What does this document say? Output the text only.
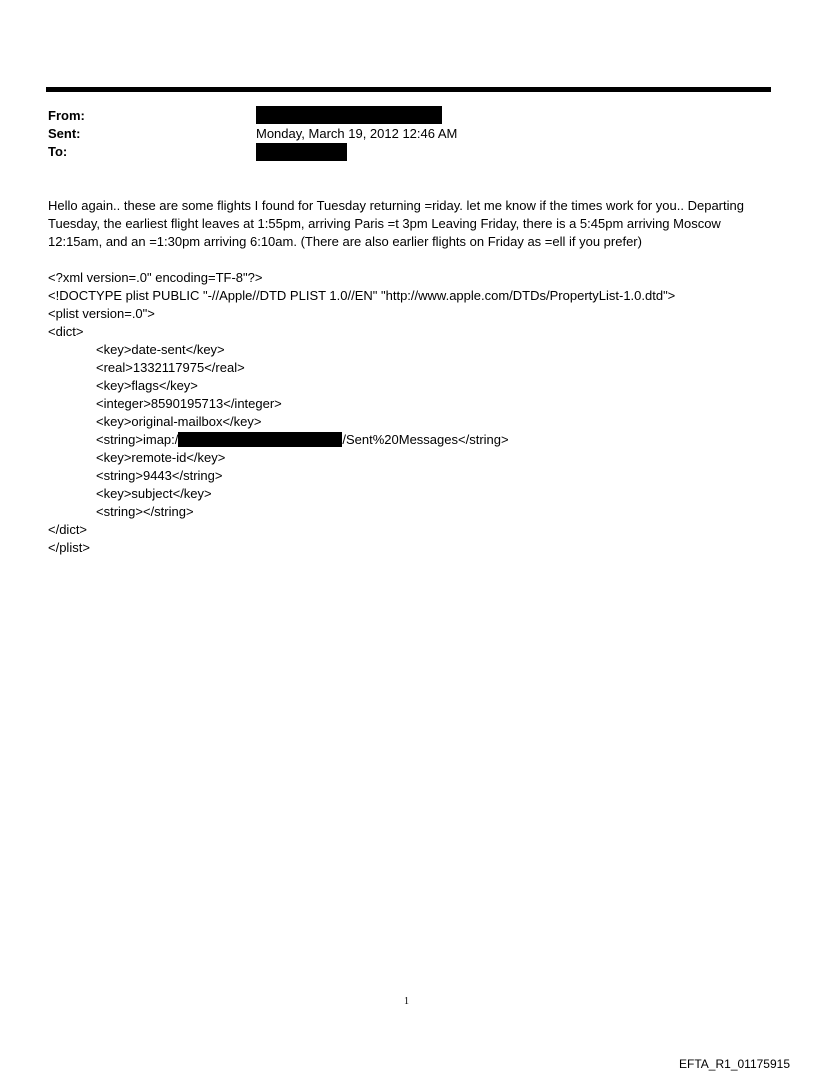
From:
Sent:	Monday, March 19, 2012 12:46 AM
To:
Hello again.. these are some flights I found for Tuesday returning =riday. let me know if the times work for you.. Departing Tuesday, the earliest flight leaves at 1:55pm, arriving Paris =t 3pm Leaving Friday, there is a 5:45pm arriving Moscow 12:15am, and an =1:30pm arriving 6:10am. (There are also earlier flights on Friday as =ell if you prefer)
<?xml version=.0" encoding=TF-8"?>
<!DOCTYPE plist PUBLIC "-//Apple//DTD PLIST 1.0//EN" "http://www.apple.com/DTDs/PropertyList-1.0.dtd">
<plist version=.0">
<dict>
<key>date-sent</key>
<real>1332117975</real>
<key>flags</key>
<integer>8590195713</integer>
<key>original-mailbox</key>
<string>imap:/	/Sent%20Messages</string>
<key>remote-id</key>
<string>9443</string>
<key>subject</key>
<string></string>
</dict>
</plist>
1
EFTA_R1_01175915
